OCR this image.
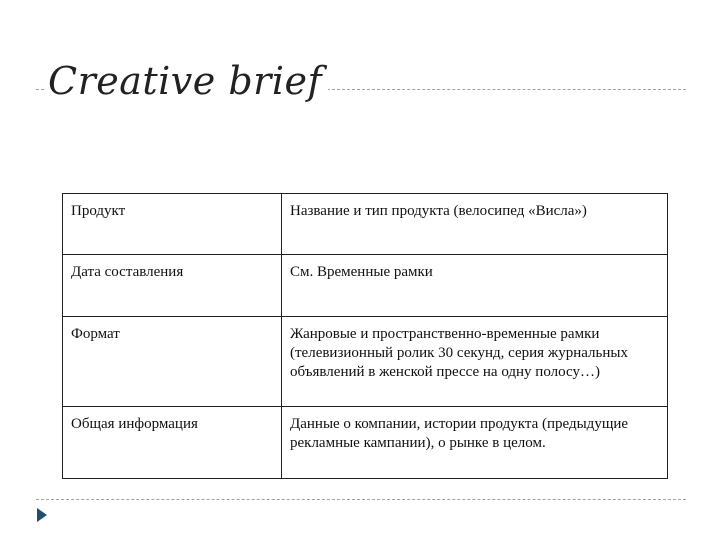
Creative brief
Продукт	Название и тип продукта (велосипед «Висла»)
Дата составления	См. Временные рамки
Формат	Жанровые и пространственно-временные рамки (телевизионный ролик 30 секунд, серия журнальных объявлений в женской прессе на одну полосу…)
Общая информация	Данные о компании, истории продукта (предыдущие рекламные кампании), о рынке в целом.
